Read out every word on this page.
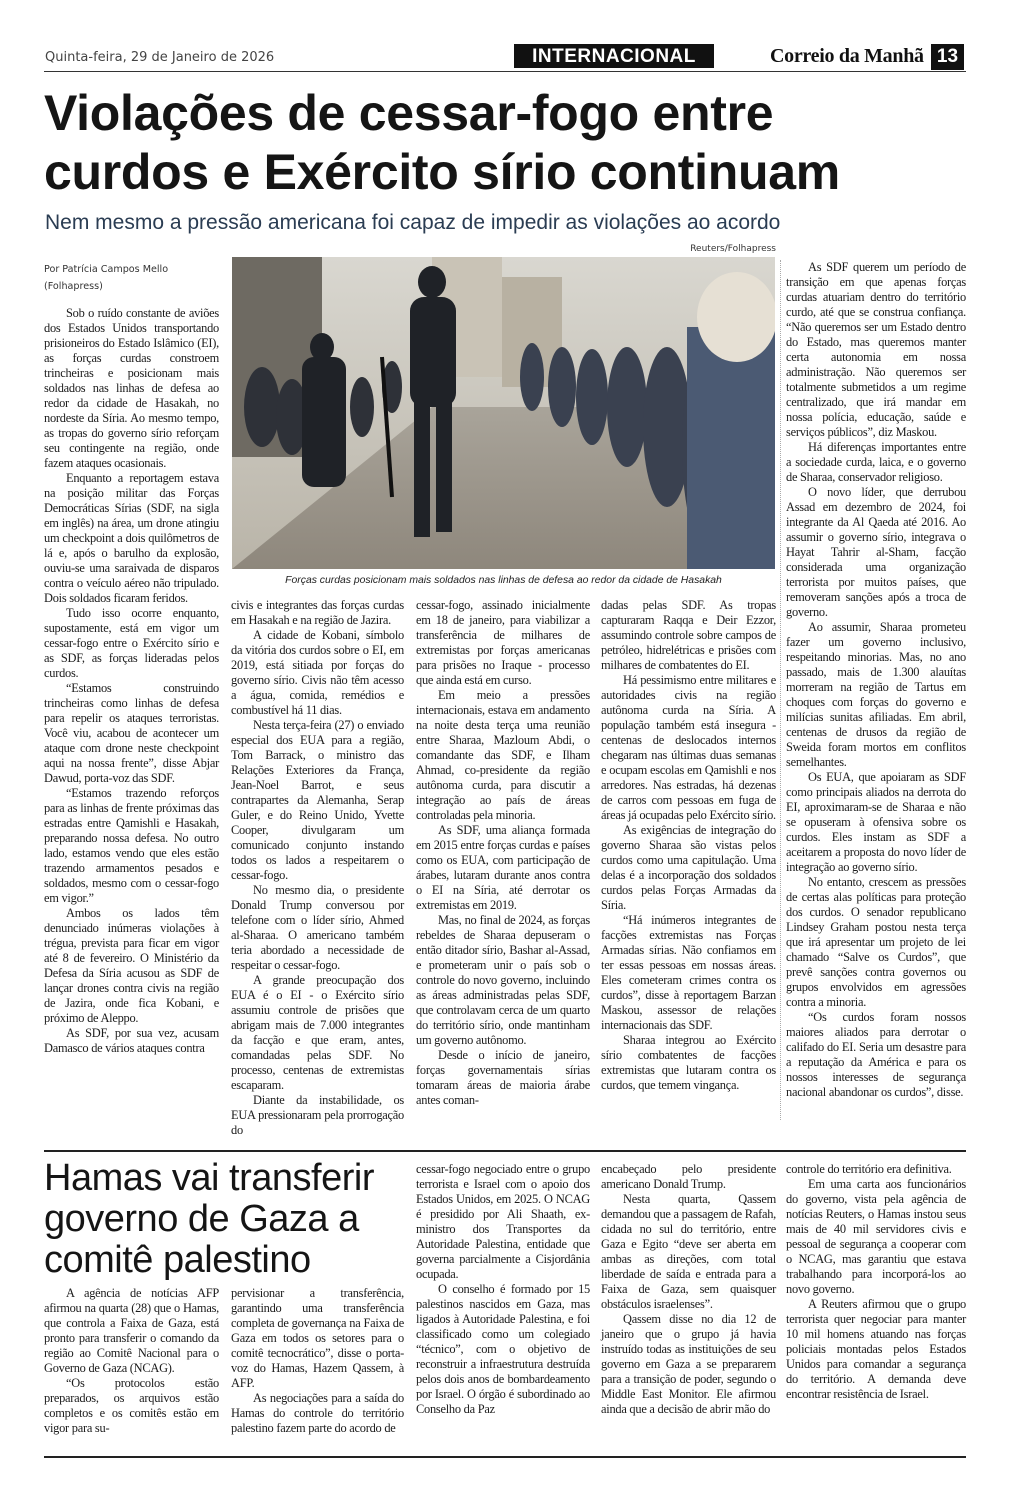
Quinta-feira, 29 de Janeiro de 2026	INTERNACIONAL	Correio da Manhã 13
Violações de cessar-fogo entre
curdos e Exército sírio continuam
Nem mesmo a pressão americana foi capaz de impedir as violações ao acordo
Reuters/Folhapress
Forças curdas posicionam mais soldados nas linhas de defesa ao redor da cidade de Hasakah
Por Patrícia Campos Mello
(Folhapress)

Sob o ruído constante de aviões dos Estados Unidos transportando prisioneiros do Estado Islâmico (EI), as forças curdas constroem trincheiras e posicionam mais soldados nas linhas de defesa ao redor da cidade de Hasakah, no nordeste da Síria. Ao mesmo tempo, as tropas do governo sírio reforçam seu contingente na região, onde fazem ataques ocasionais.

Enquanto a reportagem estava na posição militar das Forças Democráticas Sírias (SDF, na sigla em inglês) na área, um drone atingiu um checkpoint a dois quilômetros de lá e, após o barulho da explosão, ouviu-se uma saraivada de disparos contra o veículo aéreo não tripulado. Dois soldados ficaram feridos.

Tudo isso ocorre enquanto, supostamente, está em vigor um cessar-fogo entre o Exército sírio e as SDF, as forças lideradas pelos curdos.

“Estamos construindo trincheiras como linhas de defesa para repelir os ataques terroristas. Você viu, acabou de acontecer um ataque com drone neste checkpoint aqui na nossa frente”, disse Abjar Dawud, porta-voz das SDF.

“Estamos trazendo reforços para as linhas de frente próximas das estradas entre Qamishli e Hasakah, preparando nossa defesa. No outro lado, estamos vendo que eles estão trazendo armamentos pesados e soldados, mesmo com o cessar-fogo em vigor.”

Ambos os lados têm denunciado inúmeras violações à trégua, prevista para ficar em vigor até 8 de fevereiro. O Ministério da Defesa da Síria acusou as SDF de lançar drones contra civis na região de Jazira, onde fica Kobani, e próximo de Aleppo.

As SDF, por sua vez, acusam Damasco de vários ataques contra

civis e integrantes das forças curdas em Hasakah e na região de Jazira.

A cidade de Kobani, símbolo da vitória dos curdos sobre o EI, em 2019, está sitiada por forças do governo sírio. Civis não têm acesso a água, comida, remédios e combustível há 11 dias.

Nesta terça-feira (27) o enviado especial dos EUA para a região, Tom Barrack, o ministro das Relações Exteriores da França, Jean-Noel Barrot, e seus contrapartes da Alemanha, Serap Guler, e do Reino Unido, Yvette Cooper, divulgaram um comunicado conjunto instando todos os lados a respeitarem o cessar-fogo.

No mesmo dia, o presidente Donald Trump conversou por telefone com o líder sírio, Ahmed al-Sharaa. O americano também teria abordado a necessidade de respeitar o cessar-fogo.

A grande preocupação dos EUA é o EI - o Exército sírio assumiu controle de prisões que abrigam mais de 7.000 integrantes da facção e que eram, antes, comandadas pelas SDF. No processo, centenas de extremistas escaparam.

Diante da instabilidade, os EUA pressionaram pela prorrogação do

cessar-fogo, assinado inicialmente em 18 de janeiro, para viabilizar a transferência de milhares de extremistas por forças americanas para prisões no Iraque - processo que ainda está em curso.

Em meio a pressões internacionais, estava em andamento na noite desta terça uma reunião entre Sharaa, Mazloum Abdi, o comandante das SDF, e Ilham Ahmad, co-presidente da região autônoma curda, para discutir a integração ao país de áreas controladas pela minoria.

As SDF, uma aliança formada em 2015 entre forças curdas e países como os EUA, com participação de árabes, lutaram durante anos contra o EI na Síria, até derrotar os extremistas em 2019.

Mas, no final de 2024, as forças rebeldes de Sharaa depuseram o então ditador sírio, Bashar al-Assad, e prometeram unir o país sob o controle do novo governo, incluindo as áreas administradas pelas SDF, que controlavam cerca de um quarto do território sírio, onde mantinham um governo autônomo.

Desde o início de janeiro, forças governamentais sírias tomaram áreas de maioria árabe antes coman-

dadas pelas SDF. As tropas capturaram Raqqa e Deir Ezzor, assumindo controle sobre campos de petróleo, hidrelétricas e prisões com milhares de combatentes do EI.

Há pessimismo entre militares e autoridades civis na região autônoma curda na Síria. A população também está insegura -centenas de deslocados internos chegaram nas últimas duas semanas e ocupam escolas em Qamishli e nos arredores. Nas estradas, há dezenas de carros com pessoas em fuga de áreas já ocupadas pelo Exército sírio.

As exigências de integração do governo Sharaa são vistas pelos curdos como uma capitulação. Uma delas é a incorporação dos soldados curdos pelas Forças Armadas da Síria.

“Há inúmeros integrantes de facções extremistas nas Forças Armadas sírias. Não confiamos em ter essas pessoas em nossas áreas. Eles cometeram crimes contra os curdos”, disse à reportagem Barzan Maskou, assessor de relações internacionais das SDF.

Sharaa integrou ao Exército sírio combatentes de facções extremistas que lutaram contra os curdos, que temem vingança.

As SDF querem um período de transição em que apenas forças curdas atuariam dentro do território curdo, até que se construa confiança. “Não queremos ser um Estado dentro do Estado, mas queremos manter certa autonomia em nossa administração. Não queremos ser totalmente submetidos a um regime centralizado, que irá mandar em nossa polícia, educação, saúde e serviços públicos”, diz Maskou.

Há diferenças importantes entre a sociedade curda, laica, e o governo de Sharaa, conservador religioso.

O novo líder, que derrubou Assad em dezembro de 2024, foi integrante da Al Qaeda até 2016. Ao assumir o governo sírio, integrava o Hayat Tahrir al-Sham, facção considerada uma organização terrorista por muitos países, que removeram sanções após a troca de governo.

Ao assumir, Sharaa prometeu fazer um governo inclusivo, respeitando minorias. Mas, no ano passado, mais de 1.300 alauítas morreram na região de Tartus em choques com forças do governo e milícias sunitas afiliadas. Em abril, centenas de drusos da região de Sweida foram mortos em conflitos semelhantes.

Os EUA, que apoiaram as SDF como principais aliados na derrota do EI, aproximaram-se de Sharaa e não se opuseram à ofensiva sobre os curdos. Eles instam as SDF a aceitarem a proposta do novo líder de integração ao governo sírio.

No entanto, crescem as pressões de certas alas políticas para proteção dos curdos. O senador republicano Lindsey Graham postou nesta terça que irá apresentar um projeto de lei chamado “Salve os Curdos”, que prevê sanções contra governos ou grupos envolvidos em agressões contra a minoria.

“Os curdos foram nossos maiores aliados para derrotar o califado do EI. Seria um desastre para a reputação da América e para os nossos interesses de segurança nacional abandonar os curdos”, disse.

Hamas vai transferir
governo de Gaza a
comitê palestino

A agência de notícias AFP afirmou na quarta (28) que o Hamas, que controla a Faixa de Gaza, está pronto para transferir o comando da região ao Comitê Nacional para o Governo de Gaza (NCAG).

“Os protocolos estão preparados, os arquivos estão completos e os comitês estão em vigor para su-

pervisionar a transferência, garantindo uma transferência completa de governança na Faixa de Gaza em todos os setores para o comitê tecnocrático”, disse o porta-voz do Hamas, Hazem Qassem, à AFP.

As negociações para a saída do Hamas do controle do território palestino fazem parte do acordo de

cessar-fogo negociado entre o grupo terrorista e Israel com o apoio dos Estados Unidos, em 2025. O NCAG é presidido por Ali Shaath, ex-ministro dos Transportes da Autoridade Palestina, entidade que governa parcialmente a Cisjordânia ocupada.

O conselho é formado por 15 palestinos nascidos em Gaza, mas ligados à Autoridade Palestina, e foi classificado como um colegiado “técnico”, com o objetivo de reconstruir a infraestrutura destruída pelos dois anos de bombardeamento por Israel. O órgão é subordinado ao Conselho da Paz

encabeçado pelo presidente americano Donald Trump.

Nesta quarta, Qassem demandou que a passagem de Rafah, cidada no sul do território, entre Gaza e Egito “deve ser aberta em ambas as direções, com total liberdade de saída e entrada para a Faixa de Gaza, sem quaisquer obstáculos israelenses”.

Qassem disse no dia 12 de janeiro que o grupo já havia instruído todas as instituições de seu governo em Gaza a se prepararem para a transição de poder, segundo o Middle East Monitor. Ele afirmou ainda que a decisão de abrir mão do

controle do território era definitiva.

Em uma carta aos funcionários do governo, vista pela agência de notícias Reuters, o Hamas instou seus mais de 40 mil servidores civis e pessoal de segurança a cooperar com o NCAG, mas garantiu que estava trabalhando para incorporá-los ao novo governo.

A Reuters afirmou que o grupo terrorista quer negociar para manter 10 mil homens atuando nas forças policiais montadas pelos Estados Unidos para comandar a segurança do território. A demanda deve encontrar resistência de Israel.
